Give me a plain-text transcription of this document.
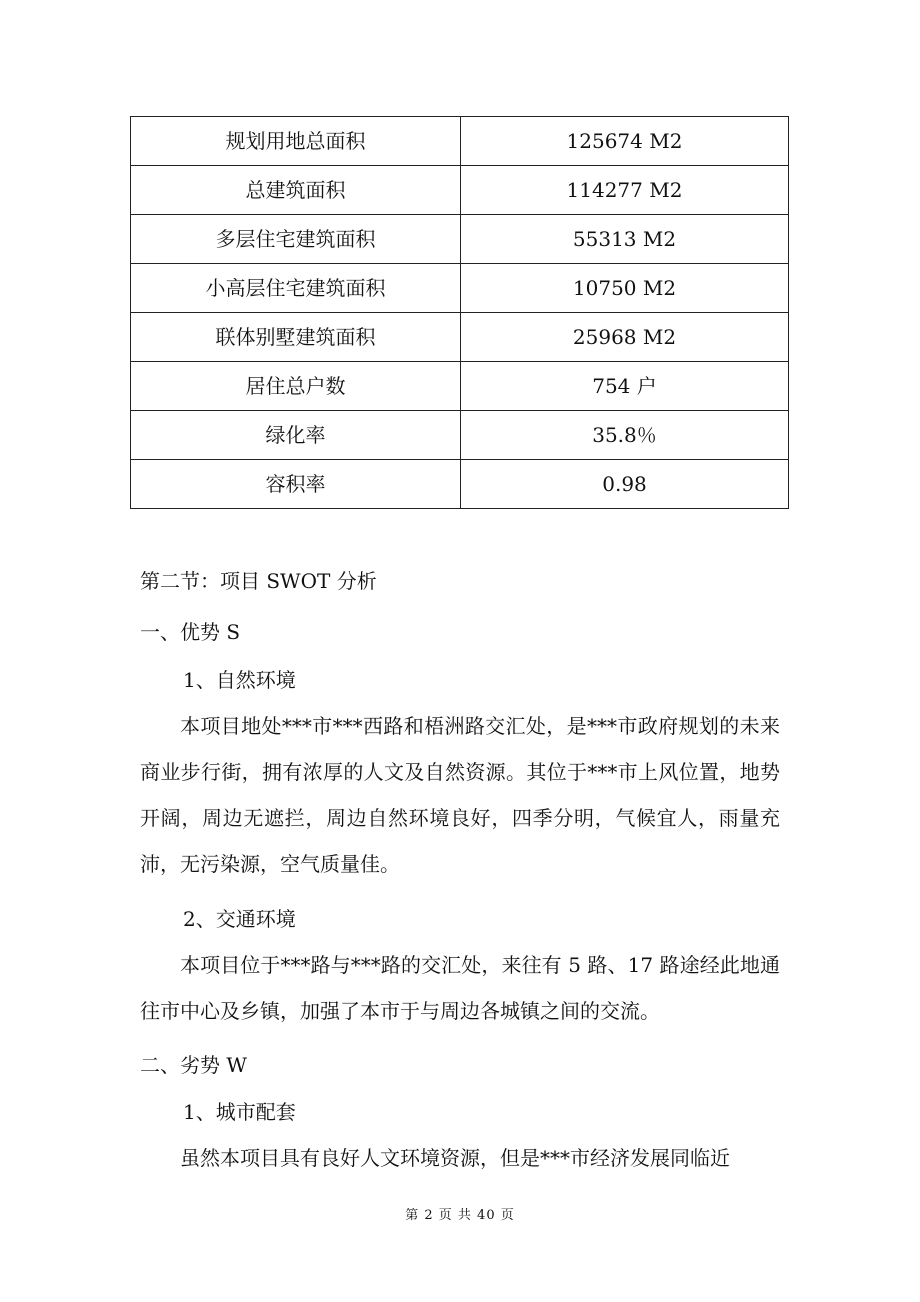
规划用地总面积	125674 M2
总建筑面积	114277 M2
多层住宅建筑面积	55313 M2
小高层住宅建筑面积	10750 M2
联体别墅建筑面积	25968 M2
居住总户数	754 户
绿化率	35.8％
容积率	0.98
第二节：项目 SWOT 分析
一、优势 S
1、自然环境

本项目地处***市***西路和梧洲路交汇处，是***市政府规划的未来商业步行街，拥有浓厚的人文及自然资源。其位于***市上风位置，地势开阔，周边无遮拦，周边自然环境良好，四季分明，气候宜人，雨量充沛，无污染源，空气质量佳。

2、交通环境

本项目位于***路与***路的交汇处，来往有 5 路、17 路途经此地通往市中心及乡镇，加强了本市于与周边各城镇之间的交流。

二、劣势 W
1、城市配套

虽然本项目具有良好人文环境资源，但是***市经济发展同临近

第 2 页 共 40 页
